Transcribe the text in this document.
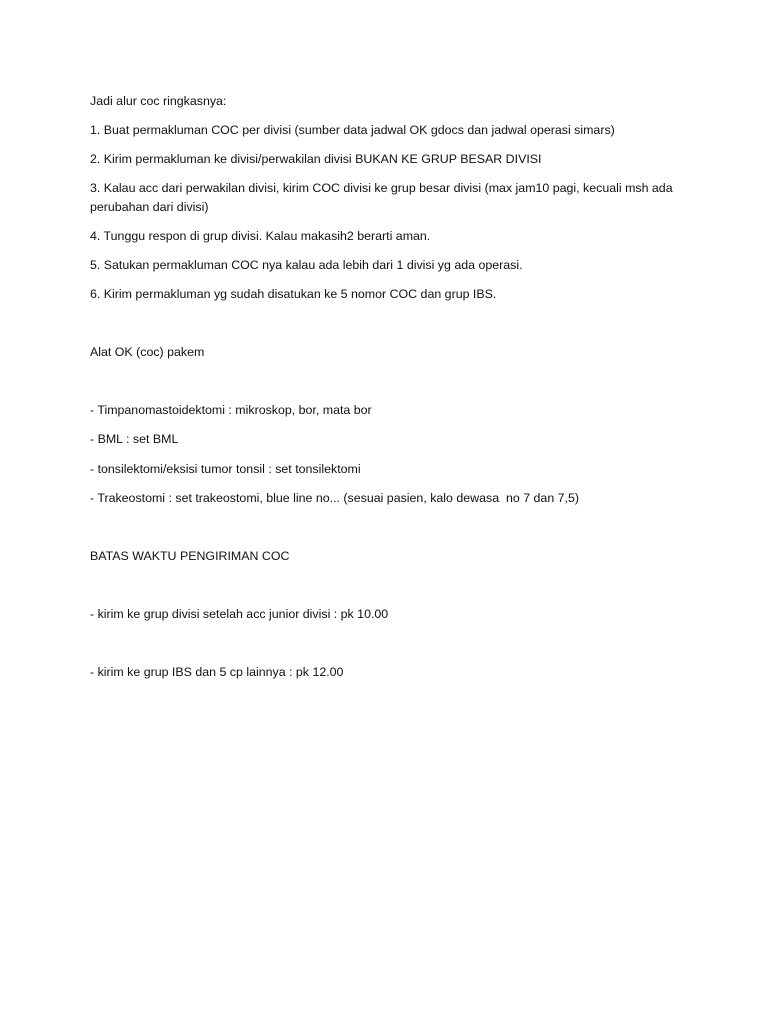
Jadi alur coc ringkasnya:

1. Buat permakluman COC per divisi (sumber data jadwal OK gdocs dan jadwal operasi simars)

2. Kirim permakluman ke divisi/perwakilan divisi BUKAN KE GRUP BESAR DIVISI

3. Kalau acc dari perwakilan divisi, kirim COC divisi ke grup besar divisi (max jam10 pagi, kecuali msh ada perubahan dari divisi)

4. Tunggu respon di grup divisi. Kalau makasih2 berarti aman.

5. Satukan permakluman COC nya kalau ada lebih dari 1 divisi yg ada operasi.

6. Kirim permakluman yg sudah disatukan ke 5 nomor COC dan grup IBS.

Alat OK (coc) pakem

- Timpanomastoidektomi : mikroskop, bor, mata bor

- BML : set BML

- tonsilektomi/eksisi tumor tonsil : set tonsilektomi

- Trakeostomi : set trakeostomi, blue line no... (sesuai pasien, kalo dewasa  no 7 dan 7,5)

BATAS WAKTU PENGIRIMAN COC

- kirim ke grup divisi setelah acc junior divisi : pk 10.00

- kirim ke grup IBS dan 5 cp lainnya : pk 12.00
